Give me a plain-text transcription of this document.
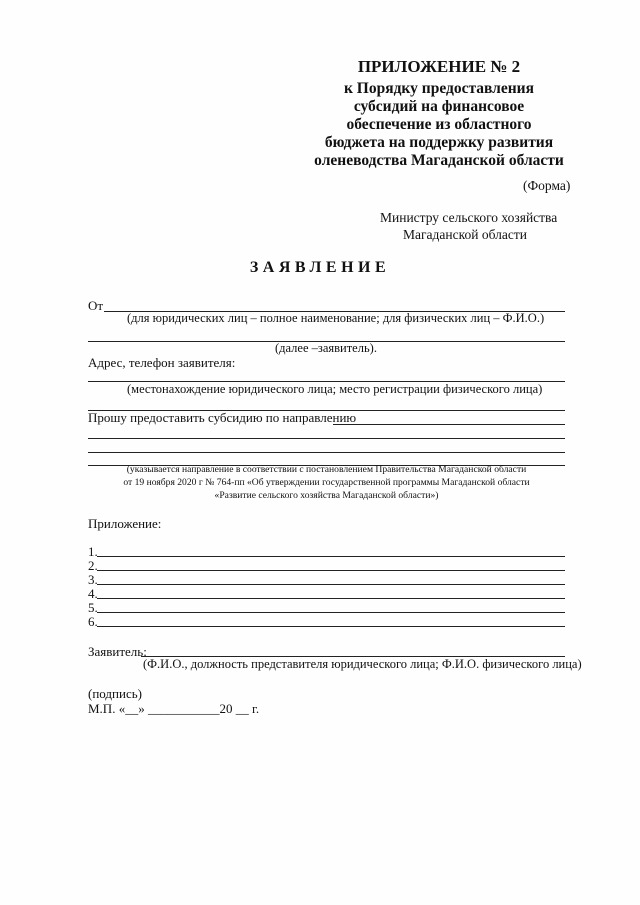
ПРИЛОЖЕНИЕ № 2
к Порядку предоставления
субсидий на финансовое
обеспечение из областного
бюджета на поддержку развития
оленеводства Магаданской области
(Форма)
Министру сельского хозяйства
Магаданской области
ЗАЯВЛЕНИЕ
От
(для юридических лиц – полное наименование; для физических лиц – Ф.И.О.)
(далее –заявитель).
Адрес, телефон заявителя:
(местонахождение юридического лица; место регистрации физического лица)
Прошу предоставить субсидию по направлению
(указывается направление в соответствии с постановлением Правительства Магаданской области
от 19 ноября 2020 г № 764-пп «Об утверждении государственной программы Магаданской области
«Развитие сельского хозяйства Магаданской области»)
Приложение:
1.
2.
3.
4.
5.
6.
Заявитель:
(Ф.И.О., должность представителя юридического лица; Ф.И.О. физического лица)
(подпись)
М.П. «__» ___________20 __ г.
